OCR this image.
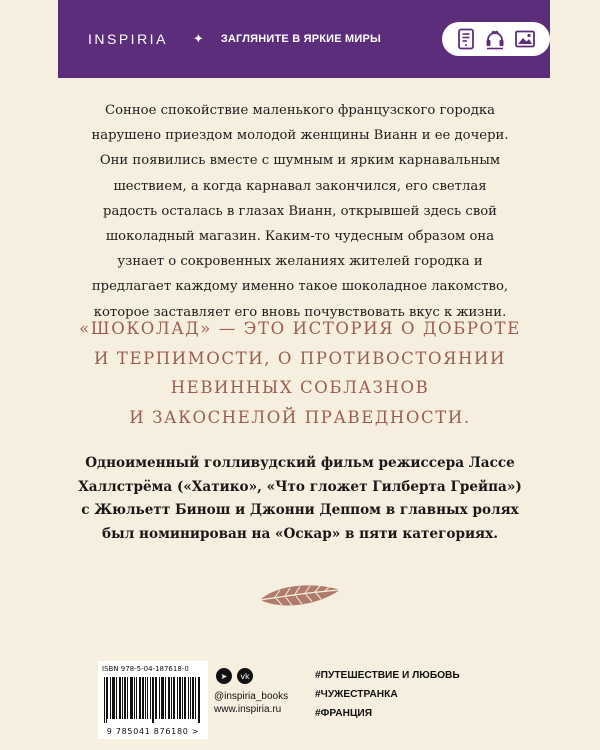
INSPIRIA ✦ ЗАГЛЯНИТЕ В ЯРКИЕ МИРЫ

Сонное спокойствие маленького французского городка нарушено приездом молодой женщины Вианн и ее дочери. Они появились вместе с шумным и ярким карнавальным шествием, а когда карнавал закончился, его светлая радость осталась в глазах Вианн, открывшей здесь свой шоколадный магазин. Каким-то чудесным образом она узнает о сокровенных желаниях жителей городка и предлагает каждому именно такое шоколадное лакомство, которое заставляет его вновь почувствовать вкус к жизни.

«ШОКОЛАД» — ЭТО ИСТОРИЯ О ДОБРОТЕ
И ТЕРПИМОСТИ, О ПРОТИВОСТОЯНИИ
НЕВИННЫХ СОБЛАЗНОВ
И ЗАКОСНЕЛОЙ ПРАВЕДНОСТИ.
Одноименный голливудский фильм режиссера Лассе
Халлстрёма («Хатико», «Что гложет Гилберта Грейпа»)
с Жюльетт Бинош и Джонни Деппом в главных ролях
был номинирован на «Оскар» в пяти категориях.
ISBN 978-5-04-187618-0
9 785041 876180 >
➤	vk
@inspiria_books
www.inspiria.ru
#ПУТЕШЕСТВИЕ И ЛЮБОВЬ
#ЧУЖЕСТРАНКА
#ФРАНЦИЯ
